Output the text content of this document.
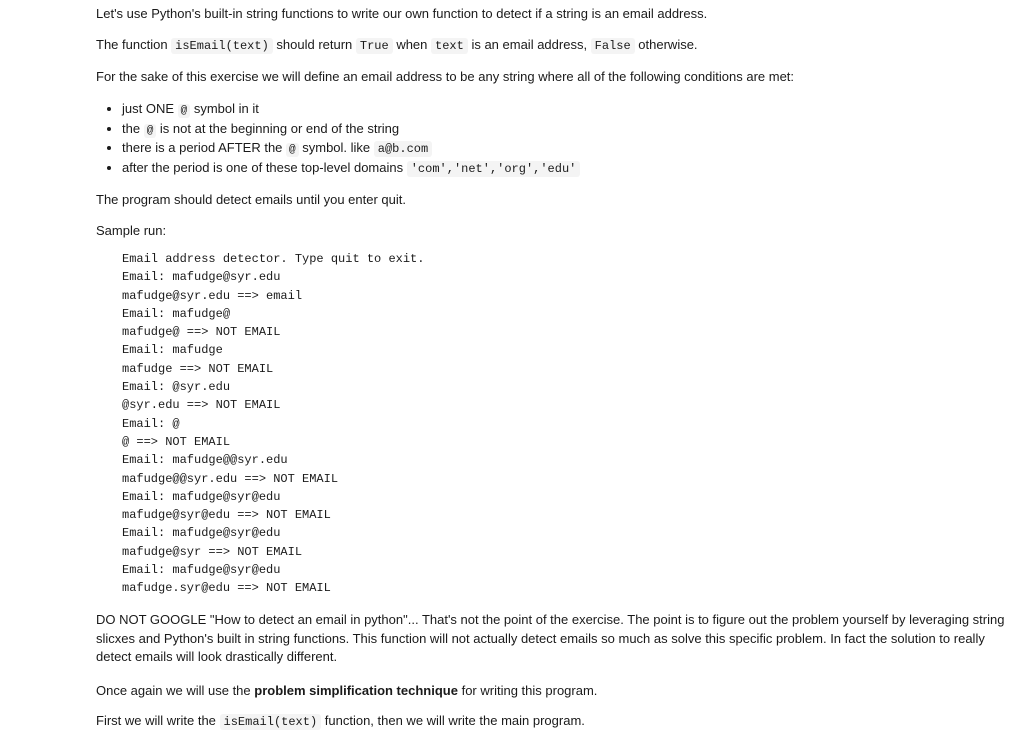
Let's use Python's built-in string functions to write our own function to detect if a string is an email address.

The function isEmail(text) should return True when text is an email address, False otherwise.

For the sake of this exercise we will define an email address to be any string where all of the following conditions are met:

• just ONE @ symbol in it
• the @ is not at the beginning or end of the string
• there is a period AFTER the @ symbol. like a@b.com
• after the period is one of these top-level domains 'com','net','org','edu'

The program should detect emails until you enter quit.

Sample run:

Email address detector. Type quit to exit.
Email: mafudge@syr.edu
mafudge@syr.edu ==> email
Email: mafudge@
mafudge@ ==> NOT EMAIL
Email: mafudge
mafudge ==> NOT EMAIL
Email: @syr.edu
@syr.edu ==> NOT EMAIL
Email: @
@ ==> NOT EMAIL
Email: mafudge@@syr.edu
mafudge@@syr.edu ==> NOT EMAIL
Email: mafudge@syr@edu
mafudge@syr@edu ==> NOT EMAIL
Email: mafudge@syr@edu
mafudge@syr ==> NOT EMAIL
Email: mafudge@syr@edu
mafudge.syr@edu ==> NOT EMAIL

DO NOT GOOGLE "How to detect an email in python"... That's not the point of the exercise. The point is to figure out the problem yourself by leveraging string slicxes and Python's built in string functions. This function will not actually detect emails so much as solve this specific problem. In fact the solution to really detect emails will look drastically different.

Once again we will use the problem simplification technique for writing this program.

First we will write the isEmail(text) function, then we will write the main program.
